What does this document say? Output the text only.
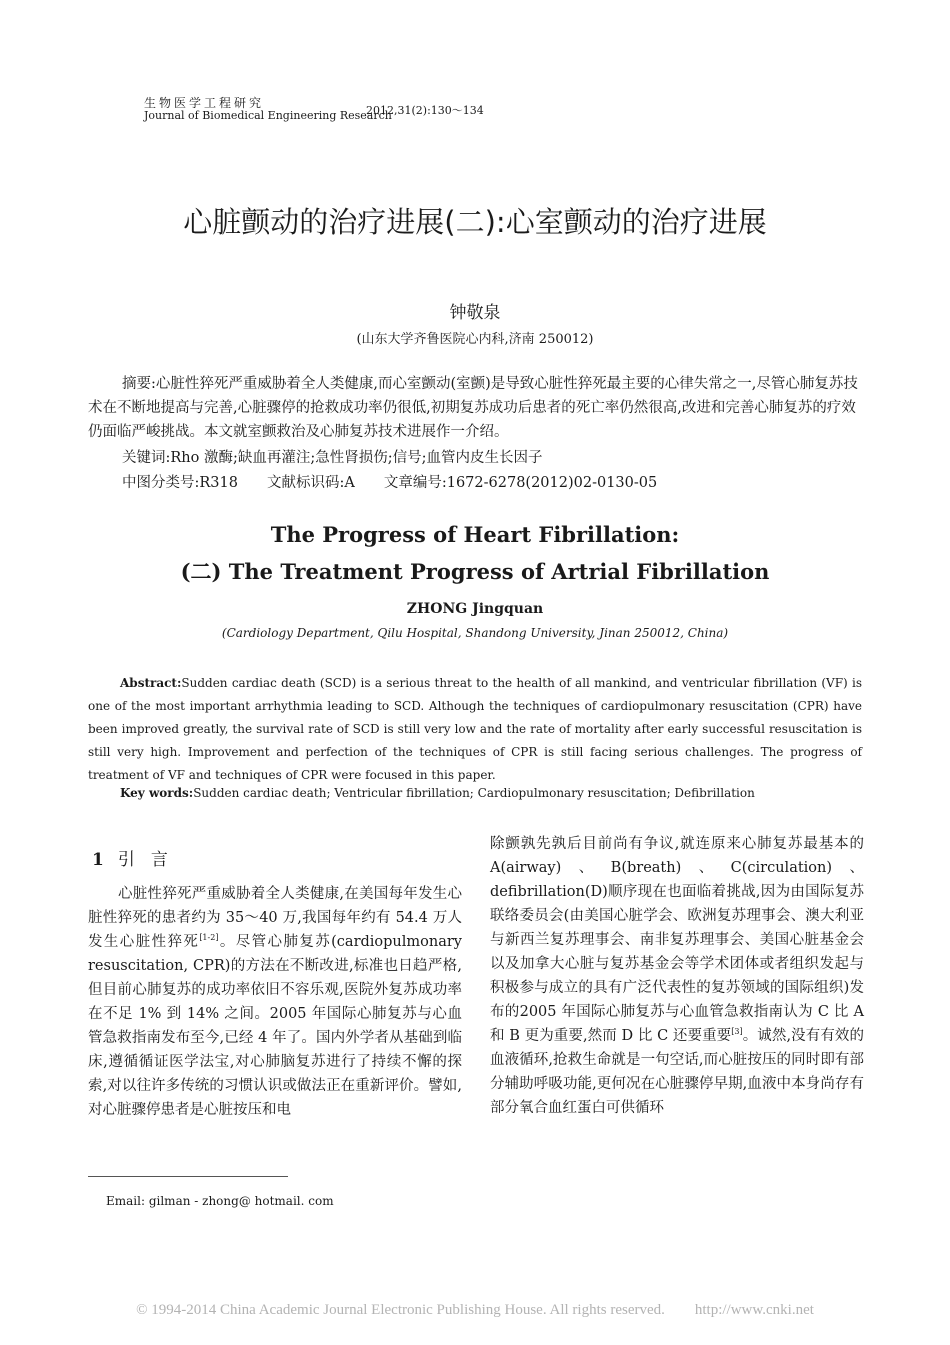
生物医学工程研究
Journal of Biomedical Engineering Research
2012,31(2):130～134
心脏颤动的治疗进展(二):心室颤动的治疗进展
钟敬泉
(山东大学齐鲁医院心内科,济南 250012)
摘要:心脏性猝死严重威胁着全人类健康,而心室颤动(室颤)是导致心脏性猝死最主要的心律失常之一,尽管心肺复苏技术在不断地提高与完善,心脏骤停的抢救成功率仍很低,初期复苏成功后患者的死亡率仍然很高,改进和完善心肺复苏的疗效仍面临严峻挑战。本文就室颤救治及心肺复苏技术进展作一介绍。
关键词:Rho 激酶;缺血再灌注;急性肾损伤;信号;血管内皮生长因子
中图分类号:R318　　文献标识码:A　　文章编号:1672-6278(2012)02-0130-05
The Progress of Heart Fibrillation:
(二) The Treatment Progress of Artrial Fibrillation
ZHONG Jingquan
(Cardiology Department, Qilu Hospital, Shandong University, Jinan 250012, China)
Abstract:Sudden cardiac death (SCD) is a serious threat to the health of all mankind, and ventricular fibrillation (VF) is one of the most important arrhythmia leading to SCD. Although the techniques of cardiopulmonary resuscitation (CPR) have been improved greatly, the survival rate of SCD is still very low and the rate of mortality after early successful resuscitation is still very high. Improvement and perfection of the techniques of CPR is still facing serious challenges. The progress of treatment of VF and techniques of CPR were focused in this paper.
Key words:Sudden cardiac death; Ventricular fibrillation; Cardiopulmonary resuscitation; Defibrillation
1 引言
心脏性猝死严重威胁着全人类健康,在美国每年发生心脏性猝死的患者约为 35～40 万,我国每年约有 54.4 万人发生心脏性猝死[1-2]。尽管心肺复苏(cardiopulmonary resuscitation, CPR)的方法在不断改进,标准也日趋严格,但目前心肺复苏的成功率依旧不容乐观,医院外复苏成功率在不足 1% 到 14% 之间。2005 年国际心肺复苏与心血管急救指南发布至今,已经 4 年了。国内外学者从基础到临床,遵循循证医学法宝,对心肺脑复苏进行了持续不懈的探索,对以往许多传统的习惯认识或做法正在重新评价。譬如,对心脏骤停患者是心脏按压和电
除颤孰先孰后目前尚有争议,就连原来心肺复苏最基本的 A(airway)、B(breath)、C(circulation)、defibrillation(D)顺序现在也面临着挑战,因为由国际复苏联络委员会(由美国心脏学会、欧洲复苏理事会、澳大利亚与新西兰复苏理事会、南非复苏理事会、美国心脏基金会以及加拿大心脏与复苏基金会等学术团体或者组织发起与积极参与成立的具有广泛代表性的复苏领域的国际组织)发布的2005 年国际心肺复苏与心血管急救指南认为 C 比 A 和 B 更为重要,然而 D 比 C 还要重要[3]。诚然,没有有效的血液循环,抢救生命就是一句空话,而心脏按压的同时即有部分辅助呼吸功能,更何况在心脏骤停早期,血液中本身尚存有部分氧合血红蛋白可供循环
Email: gilman - zhong@ hotmail. com
© 1994-2014 China Academic Journal Electronic Publishing House. All rights reserved.　　http://www.cnki.net
